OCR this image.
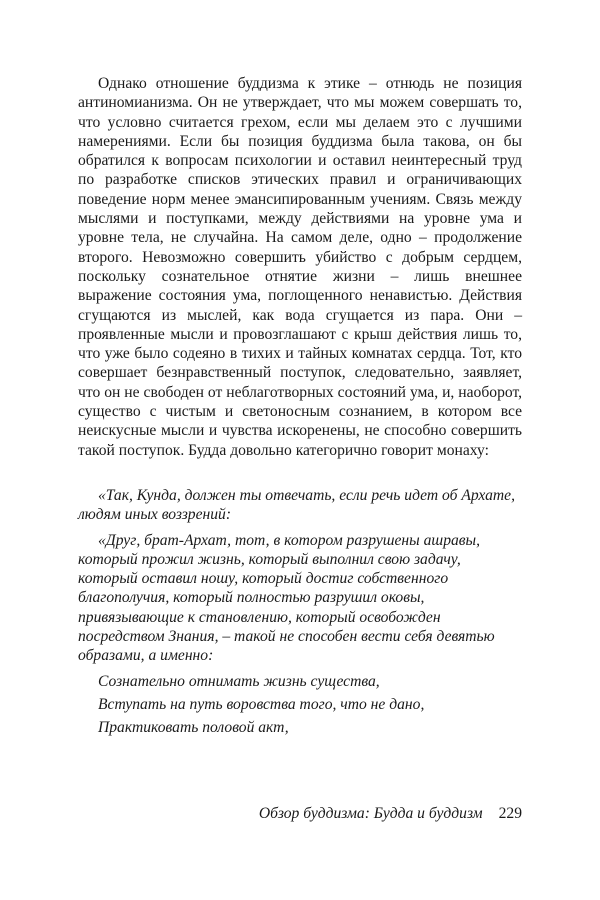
Однако отношение буддизма к этике – отнюдь не позиция антиномианизма. Он не утверждает, что мы можем совершать то, что условно считается грехом, если мы делаем это с лучшими намерениями. Если бы позиция буддизма была такова, он бы обратился к вопросам психологии и оставил неинтересный труд по разработке списков этических правил и ограничивающих поведение норм менее эмансипированным учениям. Связь между мыслями и поступками, между действиями на уровне ума и уровне тела, не случайна. На самом деле, одно – продолжение второго. Невозможно совершить убийство с добрым сердцем, поскольку сознательное отнятие жизни – лишь внешнее выражение состояния ума, поглощенного ненавистью. Действия сгущаются из мыслей, как вода сгущается из пара. Они – проявленные мысли и провозглашают с крыш действия лишь то, что уже было содеяно в тихих и тайных комнатах сердца. Тот, кто совершает безнравственный поступок, следовательно, заявляет, что он не свободен от неблаготворных состояний ума, и, наоборот, существо с чистым и светоносным сознанием, в котором все неискусные мысли и чувства искоренены, не способно совершить такой поступок. Будда довольно категорично говорит монаху:

«Так, Кунда, должен ты отвечать, если речь идет об Архате, людям иных воззрений:

«Друг, брат-Архат, тот, в котором разрушены ашравы, который прожил жизнь, который выполнил свою задачу, который оставил ношу, который достиг собственного благополучия, который полностью разрушил оковы, привязывающие к становлению, который освобожден посредством Знания, – такой не способен вести себя девятью образами, а именно:

Сознательно отнимать жизнь существа,

Вступать на путь воровства того, что не дано,

Практиковать половой акт,

Обзор буддизма: Будда и буддизм 229
